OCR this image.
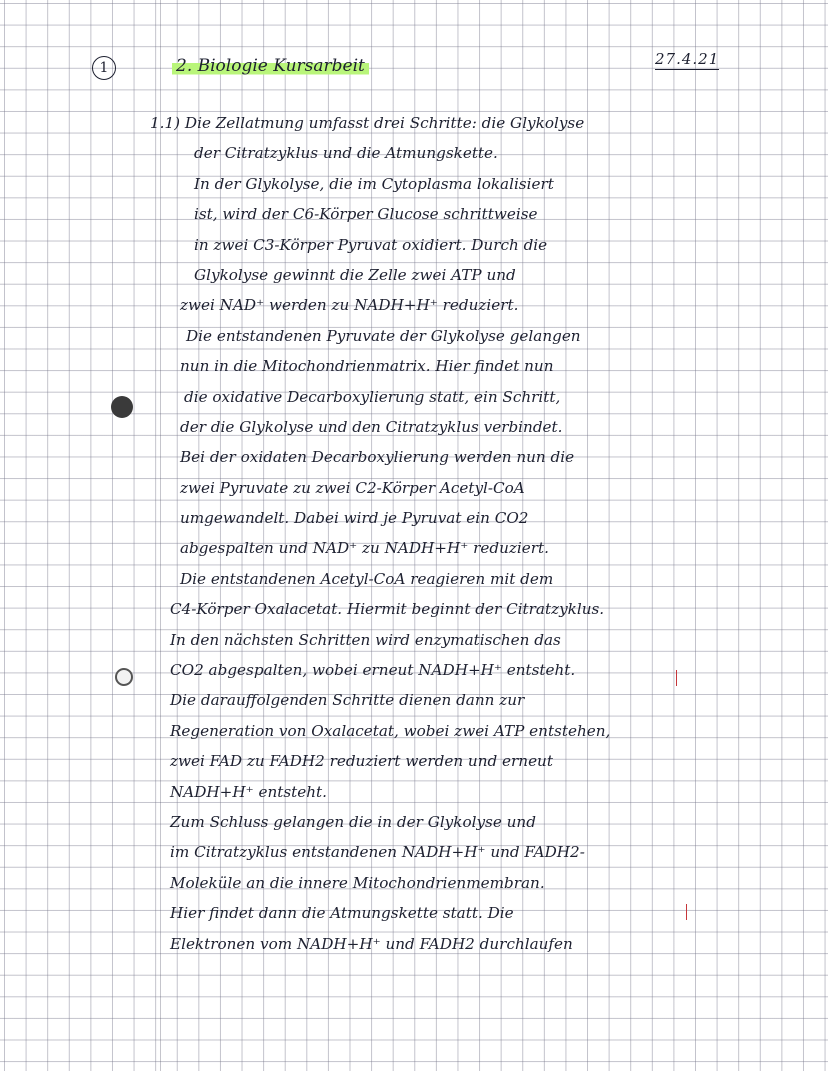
1	2. Biologie Kursarbeit	27.4.21
1.1) Die Zellatmung umfasst drei Schritte: die Glykolyse
der Citratzyklus und die Atmungskette.
In der Glykolyse, die im Cytoplasma lokalisiert
ist, wird der C6-Körper Glucose schrittweise
in zwei C3-Körper Pyruvat oxidiert. Durch die
Glykolyse gewinnt die Zelle zwei ATP und
zwei NAD⁺ werden zu NADH+H⁺ reduziert.
Die entstandenen Pyruvate der Glykolyse gelangen
nun in die Mitochondrienmatrix. Hier findet nun
die oxidative Decarboxylierung statt, ein Schritt,
der die Glykolyse und den Citratzyklus verbindet.
Bei der oxidaten Decarboxylierung werden nun die
zwei Pyruvate zu zwei C2-Körper Acetyl-CoA
umgewandelt. Dabei wird je Pyruvat ein CO2
abgespalten und NAD⁺ zu NADH+H⁺ reduziert.
Die entstandenen Acetyl-CoA reagieren mit dem
C4-Körper Oxalacetat. Hiermit beginnt der Citratzyklus.
In den nächsten Schritten wird enzymatischen das
CO2 abgespalten, wobei erneut NADH+H⁺ entsteht.
Die darauffolgenden Schritte dienen dann zur
Regeneration von Oxalacetat, wobei zwei ATP entstehen,
zwei FAD zu FADH2 reduziert werden und erneut
NADH+H⁺ entsteht.
Zum Schluss gelangen die in der Glykolyse und
im Citratzyklus entstandenen NADH+H⁺ und FADH2-
Moleküle an die innere Mitochondrienmembran.
Hier findet dann die Atmungskette statt. Die
Elektronen vom NADH+H⁺ und FADH2 durchlaufen
